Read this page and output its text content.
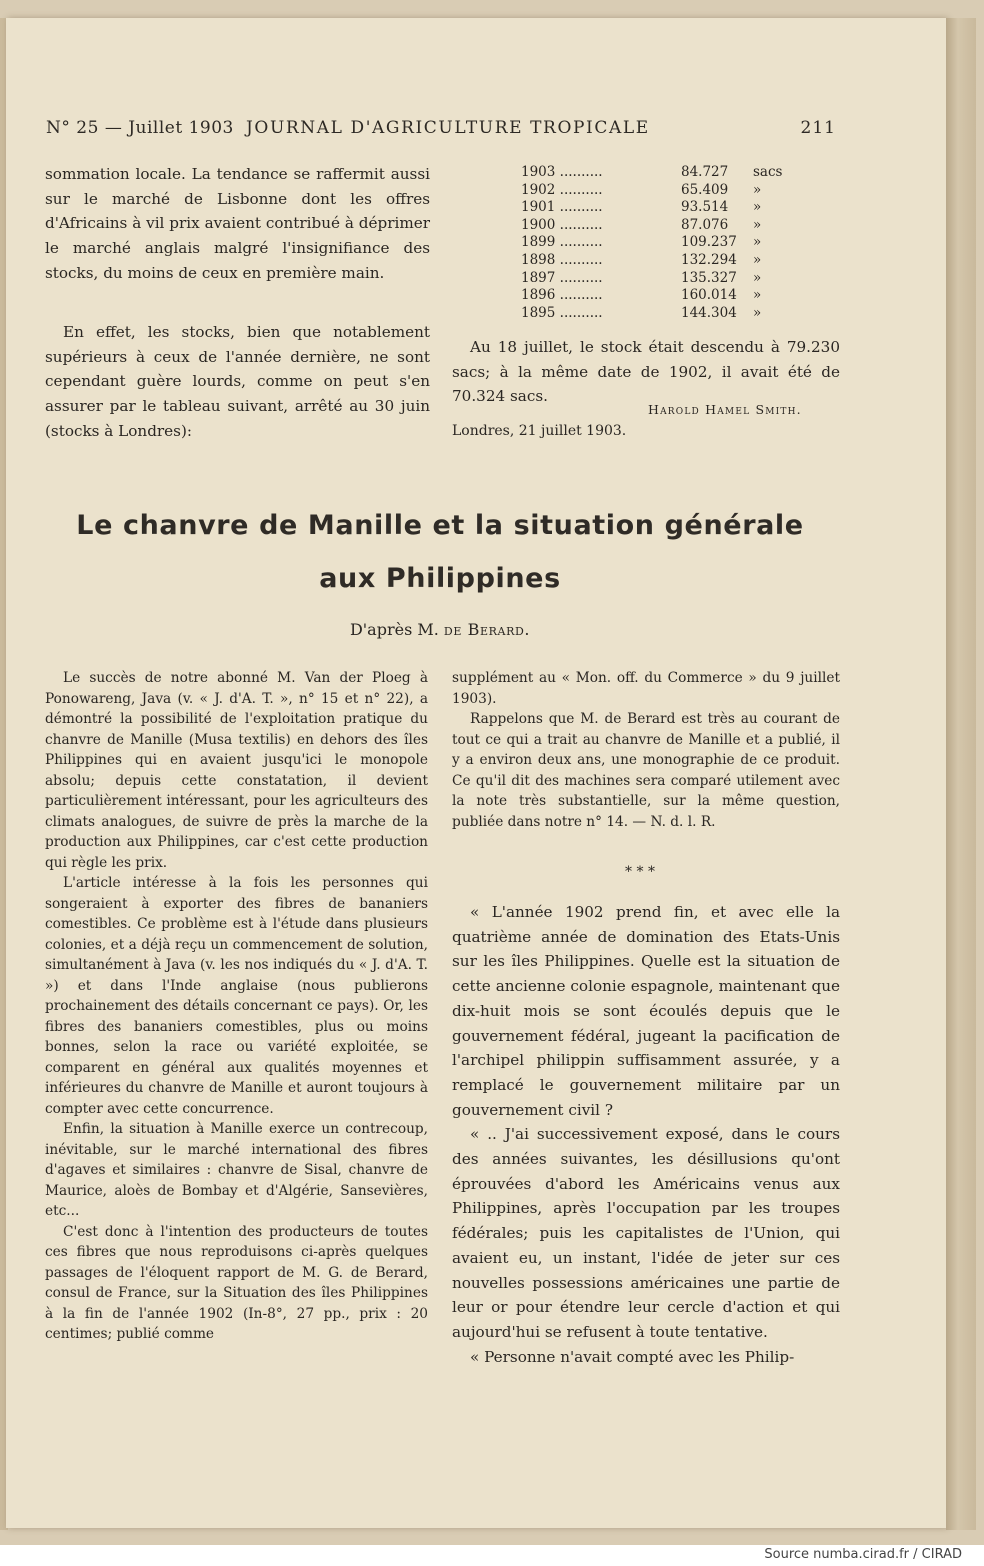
N° 25 — Juillet 1903 JOURNAL D'AGRICULTURE TROPICALE	211

sommation locale. La tendance se raffermit aussi sur le marché de Lisbonne dont les offres d'Africains à vil prix avaient contribué à déprimer le marché anglais malgré l'insignifiance des stocks, du moins de ceux en première main.

En effet, les stocks, bien que notablement supérieurs à ceux de l'année dernière, ne sont cependant guère lourds, comme on peut s'en assurer par le tableau suivant, arrêté au 30 juin (stocks à Londres):

1903 ..........	84.727 sacs
1902 ..........	65.409 »
1901 ..........	93.514 »
1900 ..........	87.076 »
1899 ..........	109.237 »
1898 ..........	132.294 »
1897 ..........	135.327 »
1896 ..........	160.014 »
1895 ..........	144.304 »

Au 18 juillet, le stock était descendu à 79.230 sacs; à la même date de 1902, il avait été de 70.324 sacs.

Harold Hamel Smith.
Londres, 21 juillet 1903.
Le chanvre de Manille et la situation générale
aux Philippines
D'après M. de Berard.

Le succès de notre abonné M. Van der Ploeg à Ponowareng, Java (v. « J. d'A. T. », n° 15 et n° 22), a démontré la possibilité de l'exploitation pratique du chanvre de Manille (Musa textilis) en dehors des îles Philippines qui en avaient jusqu'ici le monopole absolu; depuis cette constatation, il devient particulièrement intéressant, pour les agriculteurs des climats analogues, de suivre de près la marche de la production aux Philippines, car c'est cette production qui règle les prix.

L'article intéresse à la fois les personnes qui songeraient à exporter des fibres de bananiers comestibles. Ce problème est à l'étude dans plusieurs colonies, et a déjà reçu un commencement de solution, simultanément à Java (v. les nos indiqués du « J. d'A. T. ») et dans l'Inde anglaise (nous publierons prochainement des détails concernant ce pays). Or, les fibres des bananiers comestibles, plus ou moins bonnes, selon la race ou variété exploitée, se comparent en général aux qualités moyennes et inférieures du chanvre de Manille et auront toujours à compter avec cette concurrence.

Enfin, la situation à Manille exerce un contrecoup, inévitable, sur le marché international des fibres d'agaves et similaires : chanvre de Sisal, chanvre de Maurice, aloès de Bombay et d'Algérie, Sansevières, etc...

C'est donc à l'intention des producteurs de toutes ces fibres que nous reproduisons ci-après quelques passages de l'éloquent rapport de M. G. de Berard, consul de France, sur la Situation des îles Philippines à la fin de l'année 1902 (In-8°, 27 pp., prix : 20 centimes; publié comme

supplément au « Mon. off. du Commerce » du 9 juillet 1903).

Rappelons que M. de Berard est très au courant de tout ce qui a trait au chanvre de Manille et a publié, il y a environ deux ans, une monographie de ce produit. Ce qu'il dit des machines sera comparé utilement avec la note très substantielle, sur la même question, publiée dans notre n° 14. — N. d. l. R.

* * *

« L'année 1902 prend fin, et avec elle la quatrième année de domination des Etats-Unis sur les îles Philippines. Quelle est la situation de cette ancienne colonie espagnole, maintenant que dix-huit mois se sont écoulés depuis que le gouvernement fédéral, jugeant la pacification de l'archipel philippin suffisamment assurée, y a remplacé le gouvernement militaire par un gouvernement civil ?

« .. J'ai successivement exposé, dans le cours des années suivantes, les désillusions qu'ont éprouvées d'abord les Américains venus aux Philippines, après l'occupation par les troupes fédérales; puis les capitalistes de l'Union, qui avaient eu, un instant, l'idée de jeter sur ces nouvelles possessions américaines une partie de leur or pour étendre leur cercle d'action et qui aujourd'hui se refusent à toute tentative.

« Personne n'avait compté avec les Philip-

Source numba.cirad.fr / CIRAD
